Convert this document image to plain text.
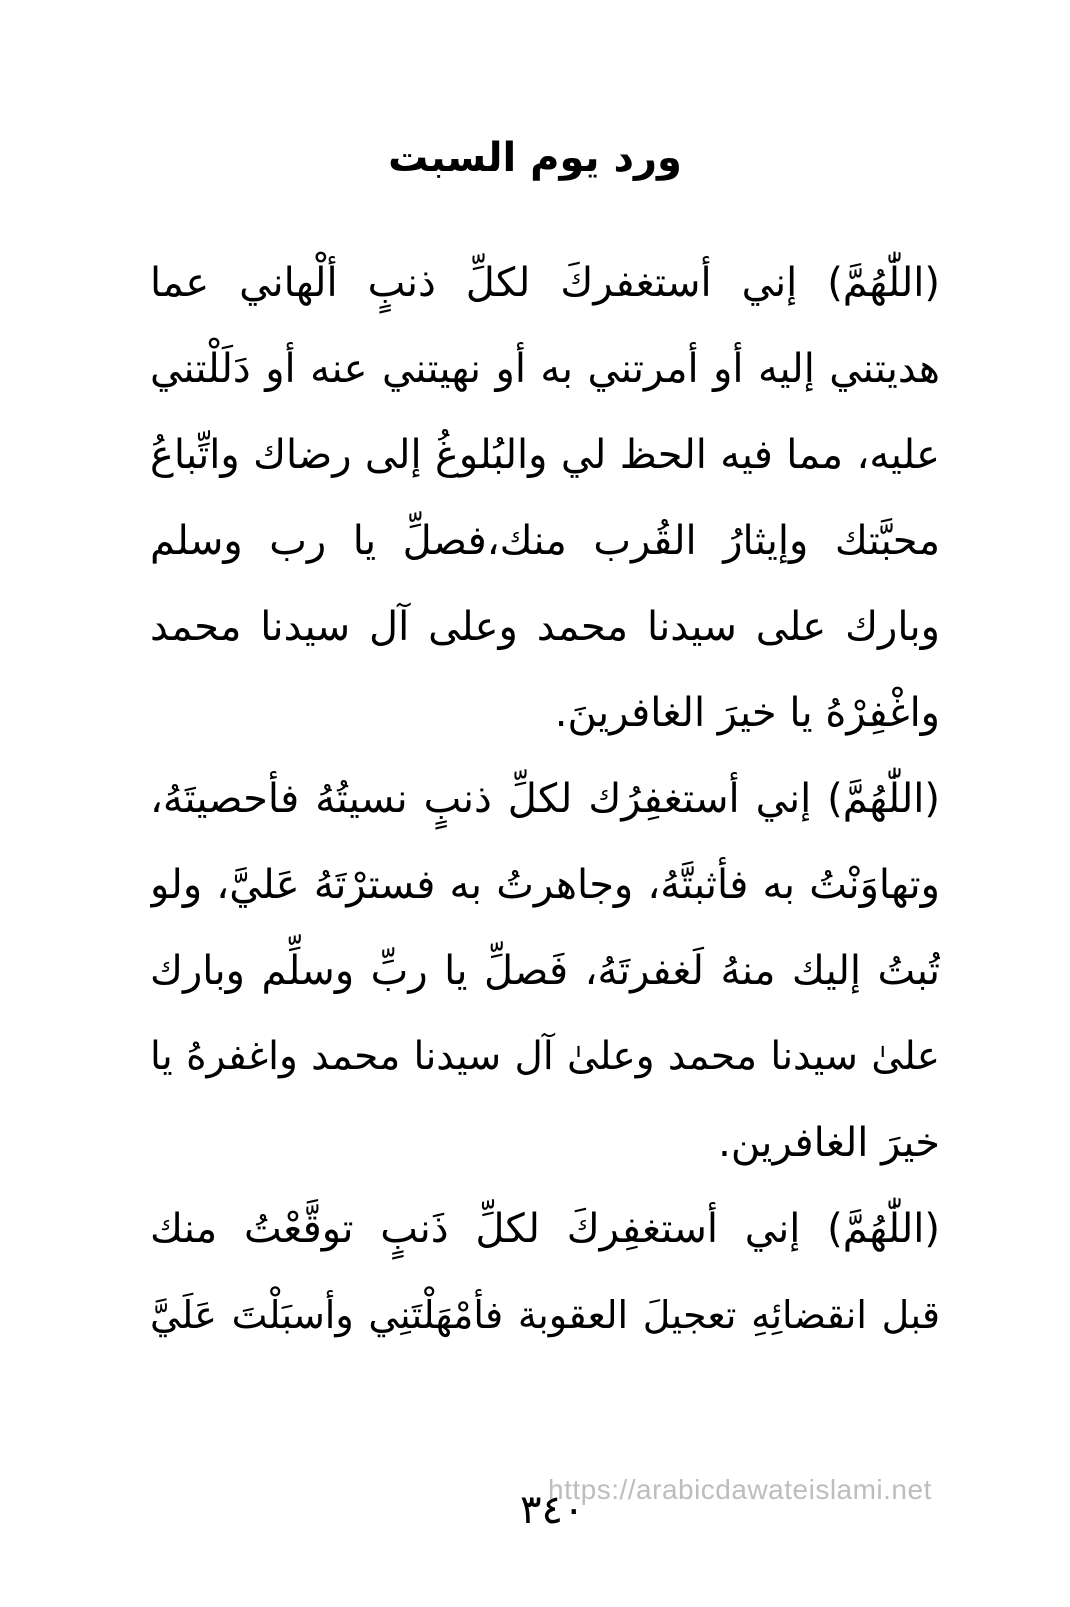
ورد يوم السبت
(اللّٰهُمَّ) إني أستغفركَ لكلِّ ذنبٍ ألْهاني عما
هديتني إليه أو أمرتني به أو نهيتني عنه أو دَلَلْتني
عليه، مما فيه الحظ لي والبُلوغُ إلى رضاك واتِّباعُ
محبَّتك وإيثارُ القُرب منك،فصلِّ يا رب وسلم
وبارك على سيدنا محمد وعلى آل سيدنا محمد
واغْفِرْهُ يا خيرَ الغافرينَ.
(اللّٰهُمَّ) إني أستغفِرُك لكلِّ ذنبٍ نسيتُهُ فأحصيتَهُ،
وتهاوَنْتُ به فأثبتَّهُ، وجاهرتُ به فسترْتَهُ عَليَّ، ولو
تُبتُ إليك منهُ لَغفرتَهُ، فَصلِّ يا ربِّ وسلِّم وبارك
علىٰ سيدنا محمد وعلىٰ آل سيدنا محمد واغفرهُ يا
خيرَ الغافرين.
(اللّٰهُمَّ) إني أستغفِركَ لكلِّ ذَنبٍ توقَّعْتُ منك
قبل انقضائِهِ تعجيلَ العقوبة فأمْهَلْتَنِي وأسبَلْتَ عَلَيَّ
٣٤٠
https://arabicdawateislami.net
